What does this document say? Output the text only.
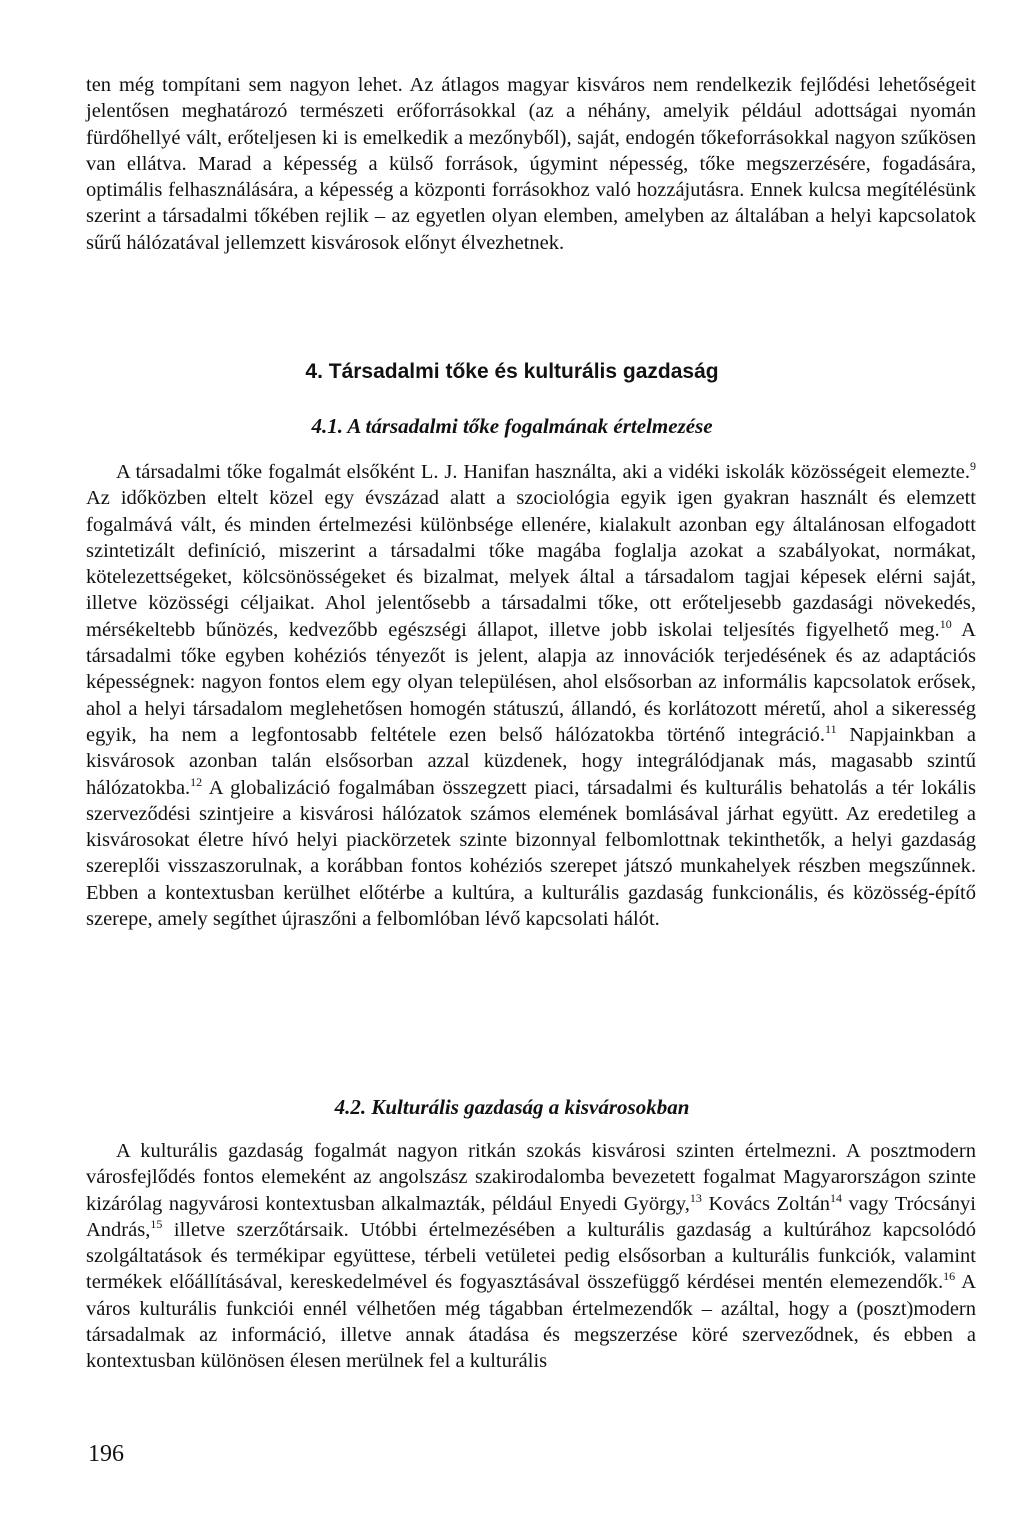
ten még tompítani sem nagyon lehet. Az átlagos magyar kisváros nem rendelkezik fejlődési lehetőségeit jelentősen meghatározó természeti erőforrásokkal (az a néhány, amelyik például adottságai nyomán fürdőhellyé vált, erőteljesen ki is emelkedik a mezőnyből), saját, endogén tőkeforrásokkal nagyon szűkösen van ellátva. Marad a képesség a külső források, úgymint népesség, tőke megszerzésére, fogadására, optimális felhasználására, a képesség a központi forrásokhoz való hozzájutásra. Ennek kulcsa megítélésünk szerint a társadalmi tőkében rejlik – az egyetlen olyan elemben, amelyben az általában a helyi kapcsolatok sűrű hálózatával jellemzett kisvárosok előnyt élvezhetnek.

4. Társadalmi tőke és kulturális gazdaság
4.1. A társadalmi tőke fogalmának értelmezése

A társadalmi tőke fogalmát elsőként L. J. Hanifan használta, aki a vidéki iskolák közösségeit elemezte.$^9$ Az időközben eltelt közel egy évszázad alatt a szociológia egyik igen gyakran használt és elemzett fogalmává vált, és minden értelmezési különbsége ellenére, kialakult azonban egy általánosan elfogadott szintetizált definíció, miszerint a társadalmi tőke magába foglalja azokat a szabályokat, normákat, kötelezettségeket, kölcsönösségeket és bizalmat, melyek által a társadalom tagjai képesek elérni saját, illetve közösségi céljaikat. Ahol jelentősebb a társadalmi tőke, ott erőteljesebb gazdasági növekedés, mérsékeltebb bűnözés, kedvezőbb egészségi állapot, illetve jobb iskolai teljesítés figyelhető meg.$^{10}$ A társadalmi tőke egyben kohéziós tényezőt is jelent, alapja az innovációk terjedésének és az adaptációs képességnek: nagyon fontos elem egy olyan településen, ahol elsősorban az informális kapcsolatok erősek, ahol a helyi társadalom meglehetősen homogén státuszú, állandó, és korlátozott méretű, ahol a sikeresség egyik, ha nem a legfontosabb feltétele ezen belső hálózatokba történő integráció.$^{11}$ Napjainkban a kisvárosok azonban talán elsősorban azzal küzdenek, hogy integrálódjanak más, magasabb szintű hálózatokba.$^{12}$ A globalizáció fogalmában összegzett piaci, társadalmi és kulturális behatolás a tér lokális szerveződési szintjeire a kisvárosi hálózatok számos elemének bomlásával járhat együtt. Az eredetileg a kisvárosokat életre hívó helyi piackörzetek szinte bizonnyal felbomlottnak tekinthetők, a helyi gazdaság szereplői visszaszorulnak, a korábban fontos kohéziós szerepet játszó munkahelyek részben megszűnnek. Ebben a kontextusban kerülhet előtérbe a kultúra, a kulturális gazdaság funkcionális, és közösség-építő szerepe, amely segíthet újraszőni a felbomlóban lévő kapcsolati hálót.

4.2. Kulturális gazdaság a kisvárosokban

A kulturális gazdaság fogalmát nagyon ritkán szokás kisvárosi szinten értelmezni. A posztmodern városfejlődés fontos elemeként az angolszász szakirodalomba bevezetett fogalmat Magyarországon szinte kizárólag nagyvárosi kontextusban alkalmazták, például Enyedi György,$^{13}$ Kovács Zoltán$^{14}$ vagy Trócsányi András,$^{15}$ illetve szerzőtársaik. Utóbbi értelmezésében a kulturális gazdaság a kultúrához kapcsolódó szolgáltatások és termékipar együttese, térbeli vetületei pedig elsősorban a kulturális funkciók, valamint termékek előállításával, kereskedelmével és fogyasztásával összefüggő kérdései mentén elemezendők.$^{16}$ A város kulturális funkciói ennél vélhetően még tágabban értelmezendők – azáltal, hogy a (poszt)modern társadalmak az információ, illetve annak átadása és megszerzése köré szerveződnek, és ebben a kontextusban különösen élesen merülnek fel a kulturális

196
